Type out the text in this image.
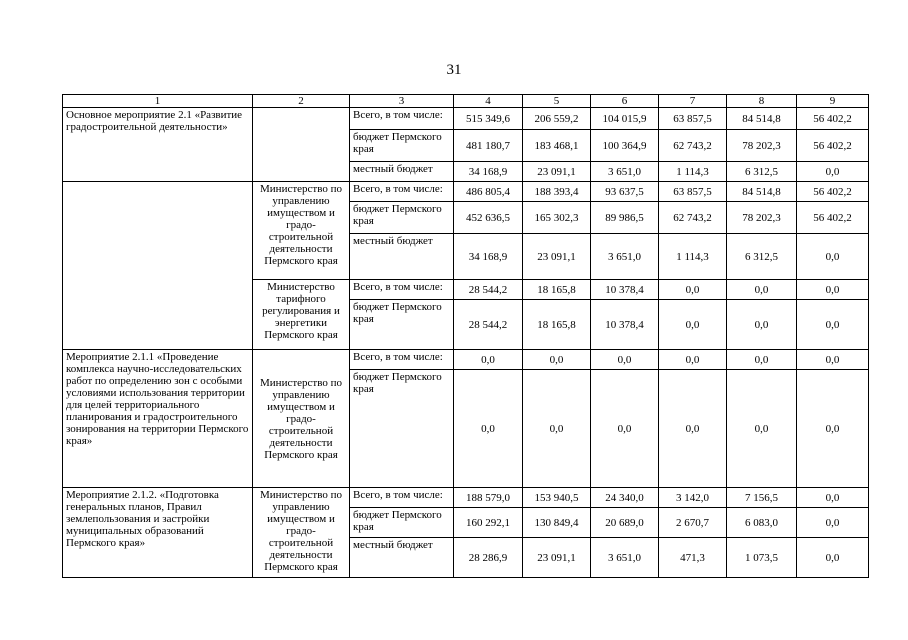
31
1	2	3	4	5	6	7	8	9
Основное мероприятие 2.1 «Развитие градостроительной деятельности»		Всего, в том числе:	515 349,6	206 559,2	104 015,9	63 857,5	84 514,8	56 402,2
		бюджет Пермского края	481 180,7	183 468,1	100 364,9	62 743,2	78 202,3	56 402,2
		местный бюджет	34 168,9	23 091,1	3 651,0	1 114,3	6 312,5	0,0
	Министерство по управлению имуществом и градо-строительной деятельности Пермского края	Всего, в том числе:	486 805,4	188 393,4	93 637,5	63 857,5	84 514,8	56 402,2
		бюджет Пермского края	452 636,5	165 302,3	89 986,5	62 743,2	78 202,3	56 402,2
		местный бюджет	34 168,9	23 091,1	3 651,0	1 114,3	6 312,5	0,0
	Министерство тарифного регулирования и энергетики Пермского края	Всего, в том числе:	28 544,2	18 165,8	10 378,4	0,0	0,0	0,0
		бюджет Пермского края	28 544,2	18 165,8	10 378,4	0,0	0,0	0,0
Мероприятие 2.1.1 «Проведение комплекса научно-исследовательских работ по определению зон с особыми условиями использования территории для целей территориального планирования и градостроительного зонирования на территории Пермского края»	Министерство по управлению имуществом и градо-строительной деятельности Пермского края	Всего, в том числе:	0,0	0,0	0,0	0,0	0,0	0,0
		бюджет Пермского края	0,0	0,0	0,0	0,0	0,0	0,0
Мероприятие 2.1.2. «Подготовка генеральных планов, Правил землепользования и застройки муниципальных образований Пермского края»	Министерство по управлению имуществом и градо-строительной деятельности Пермского края	Всего, в том числе:	188 579,0	153 940,5	24 340,0	3 142,0	7 156,5	0,0
		бюджет Пермского края	160 292,1	130 849,4	20 689,0	2 670,7	6 083,0	0,0
		местный бюджет	28 286,9	23 091,1	3 651,0	471,3	1 073,5	0,0
